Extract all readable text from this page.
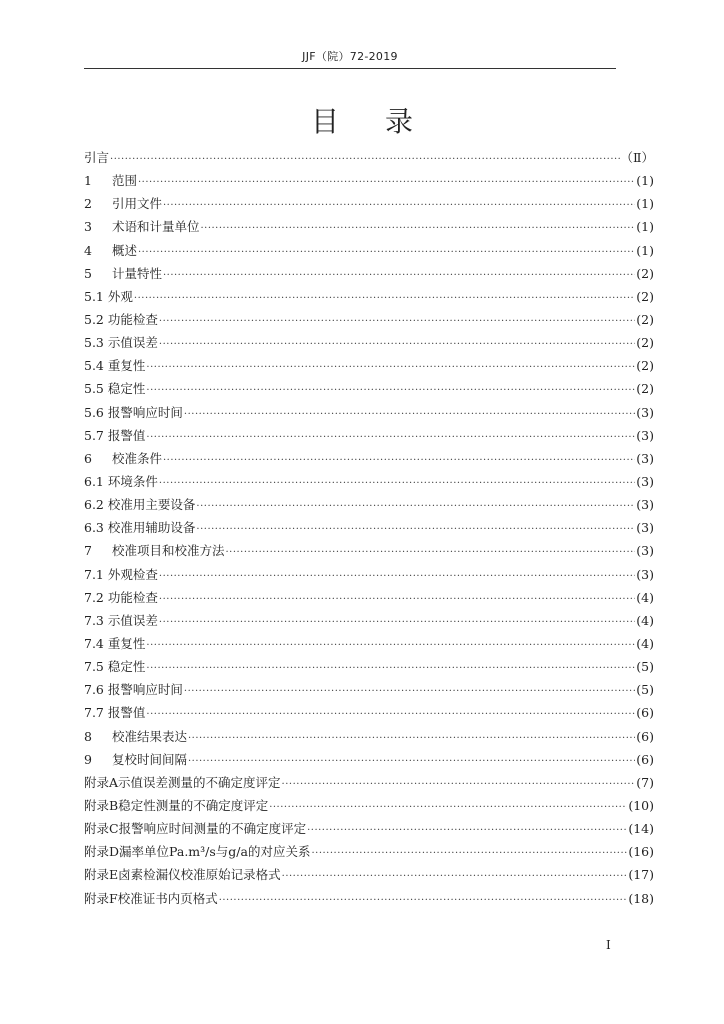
JJF（院）72-2019
目录
引言 ·····	（Ⅱ）
1 范围 ·····	(1)
2 引用文件 ·····	(1)
3 术语和计量单位 ·····	(1)
4 概述 ·····	(1)
5 计量特性 ·····	(2)
5.1 外观 ·····	(2)
5.2 功能检查 ·····	(2)
5.3 示值误差 ·····	(2)
5.4 重复性 ·····	(2)
5.5 稳定性 ·····	(2)
5.6 报警响应时间 ·····	(3)
5.7 报警值 ·····	(3)
6 校准条件 ·····	(3)
6.1 环境条件 ·····	(3)
6.2 校准用主要设备 ·····	(3)
6.3 校准用辅助设备 ·····	(3)
7 校准项目和校准方法 ·····	(3)
7.1 外观检查 ·····	(3)
7.2 功能检查 ·····	(4)
7.3 示值误差 ·····	(4)
7.4 重复性 ·····	(4)
7.5 稳定性 ·····	(5)
7.6 报警响应时间 ·····	(5)
7.7 报警值 ·····	(6)
8 校准结果表达 ·····	(6)
9 复校时间间隔 ·····	(6)
附录A示值误差测量的不确定度评定 ·····	(7)
附录B稳定性测量的不确定度评定 ·····	(10)
附录C报警响应时间测量的不确定度评定 ·····	(14)
附录D漏率单位Pa.m³/s与g/a的对应关系 ·····	(16)
附录E卤素检漏仪校准原始记录格式 ·····	(17)
附录F校准证书内页格式 ·····	(18)
I
